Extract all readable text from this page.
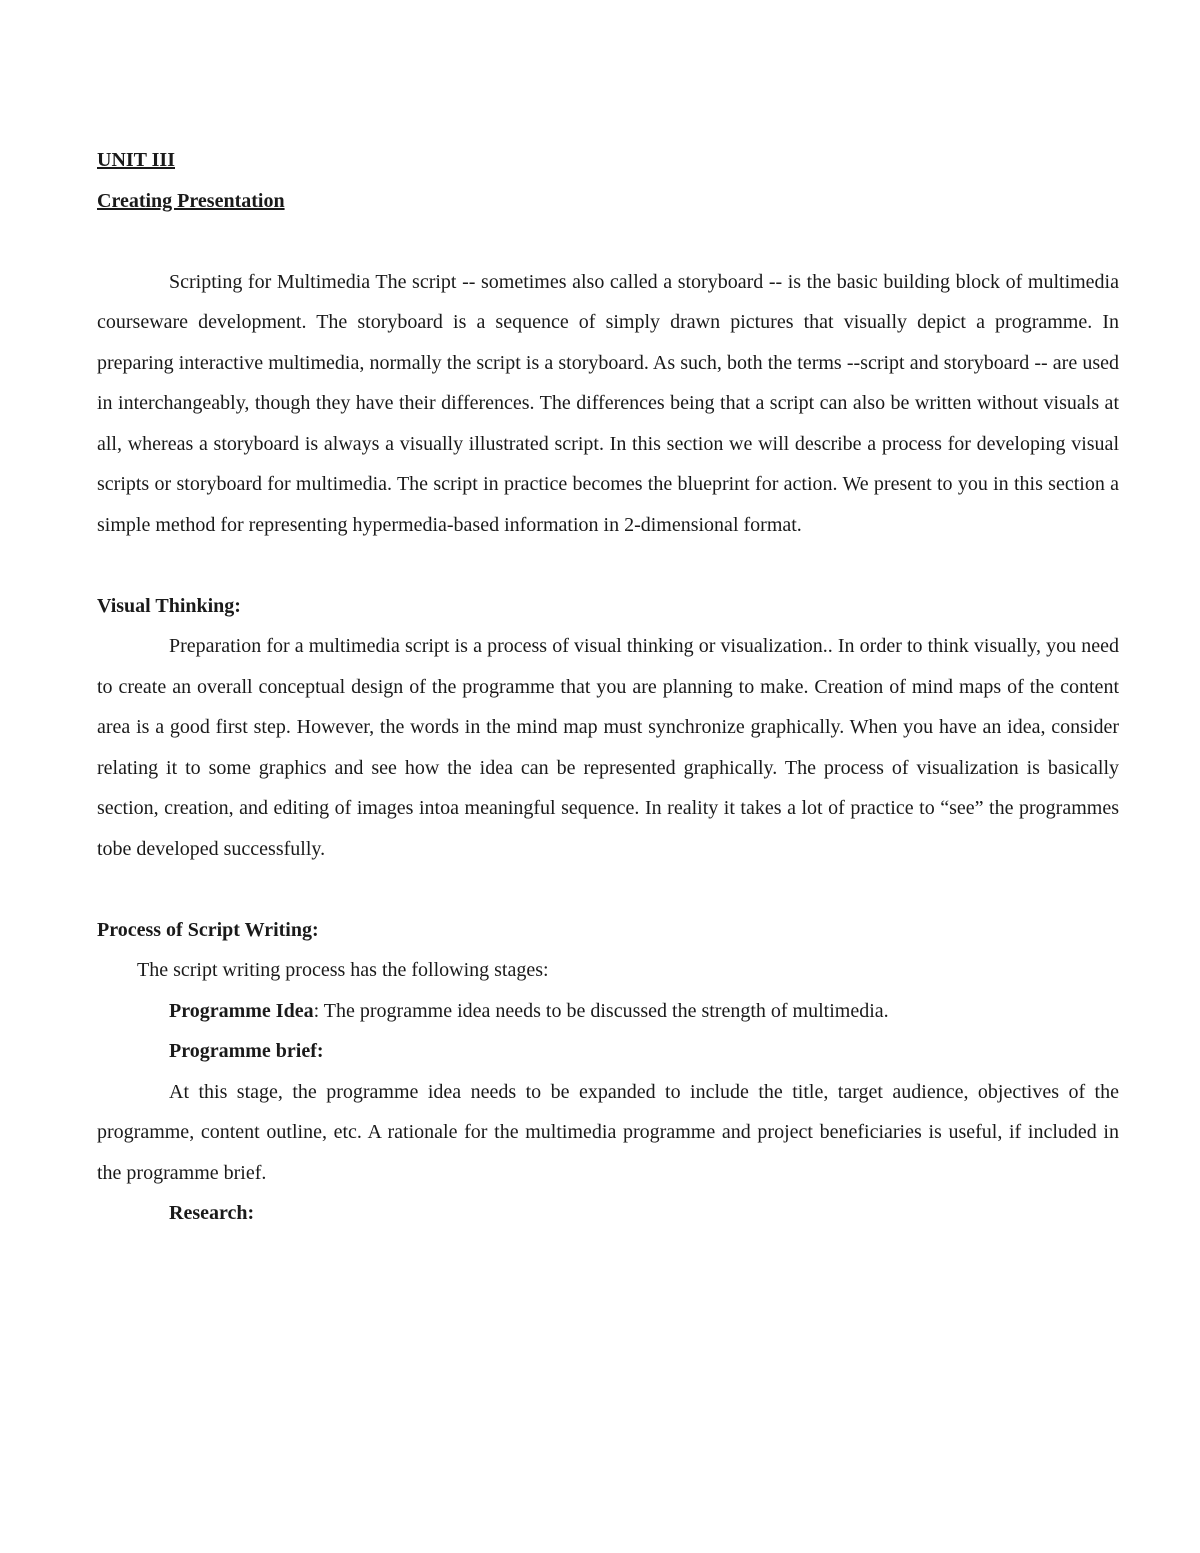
UNIT III
Creating Presentation

Scripting for Multimedia The script -- sometimes also called a storyboard -- is the basic building block of multimedia courseware development. The storyboard is a sequence of simply drawn pictures that visually depict a programme. In preparing interactive multimedia, normally the script is a storyboard. As such, both the terms --script and storyboard -- are used in interchangeably, though they have their differences. The differences being that a script can also be written without visuals at all, whereas a storyboard is always a visually illustrated script. In this section we will describe a process for developing visual scripts or storyboard for multimedia. The script in practice becomes the blueprint for action. We present to you in this section a simple method for representing hypermedia-based information in 2-dimensional format.

Visual Thinking:

Preparation for a multimedia script is a process of visual thinking or visualization.. In order to think visually, you need to create an overall conceptual design of the programme that you are planning to make. Creation of mind maps of the content area is a good first step. However, the words in the mind map must synchronize graphically. When you have an idea, consider relating it to some graphics and see how the idea can be represented graphically. The process of visualization is basically section, creation, and editing of images intoa meaningful sequence. In reality it takes a lot of practice to “see” the programmes tobe developed successfully.

Process of Script Writing:
The script writing process has the following stages:
Programme Idea: The programme idea needs to be discussed the strength of multimedia.
Programme brief:

At this stage, the programme idea needs to be expanded to include the title, target audience, objectives of the programme, content outline, etc. A rationale for the multimedia programme and project beneficiaries is useful, if included in the programme brief.

Research:
